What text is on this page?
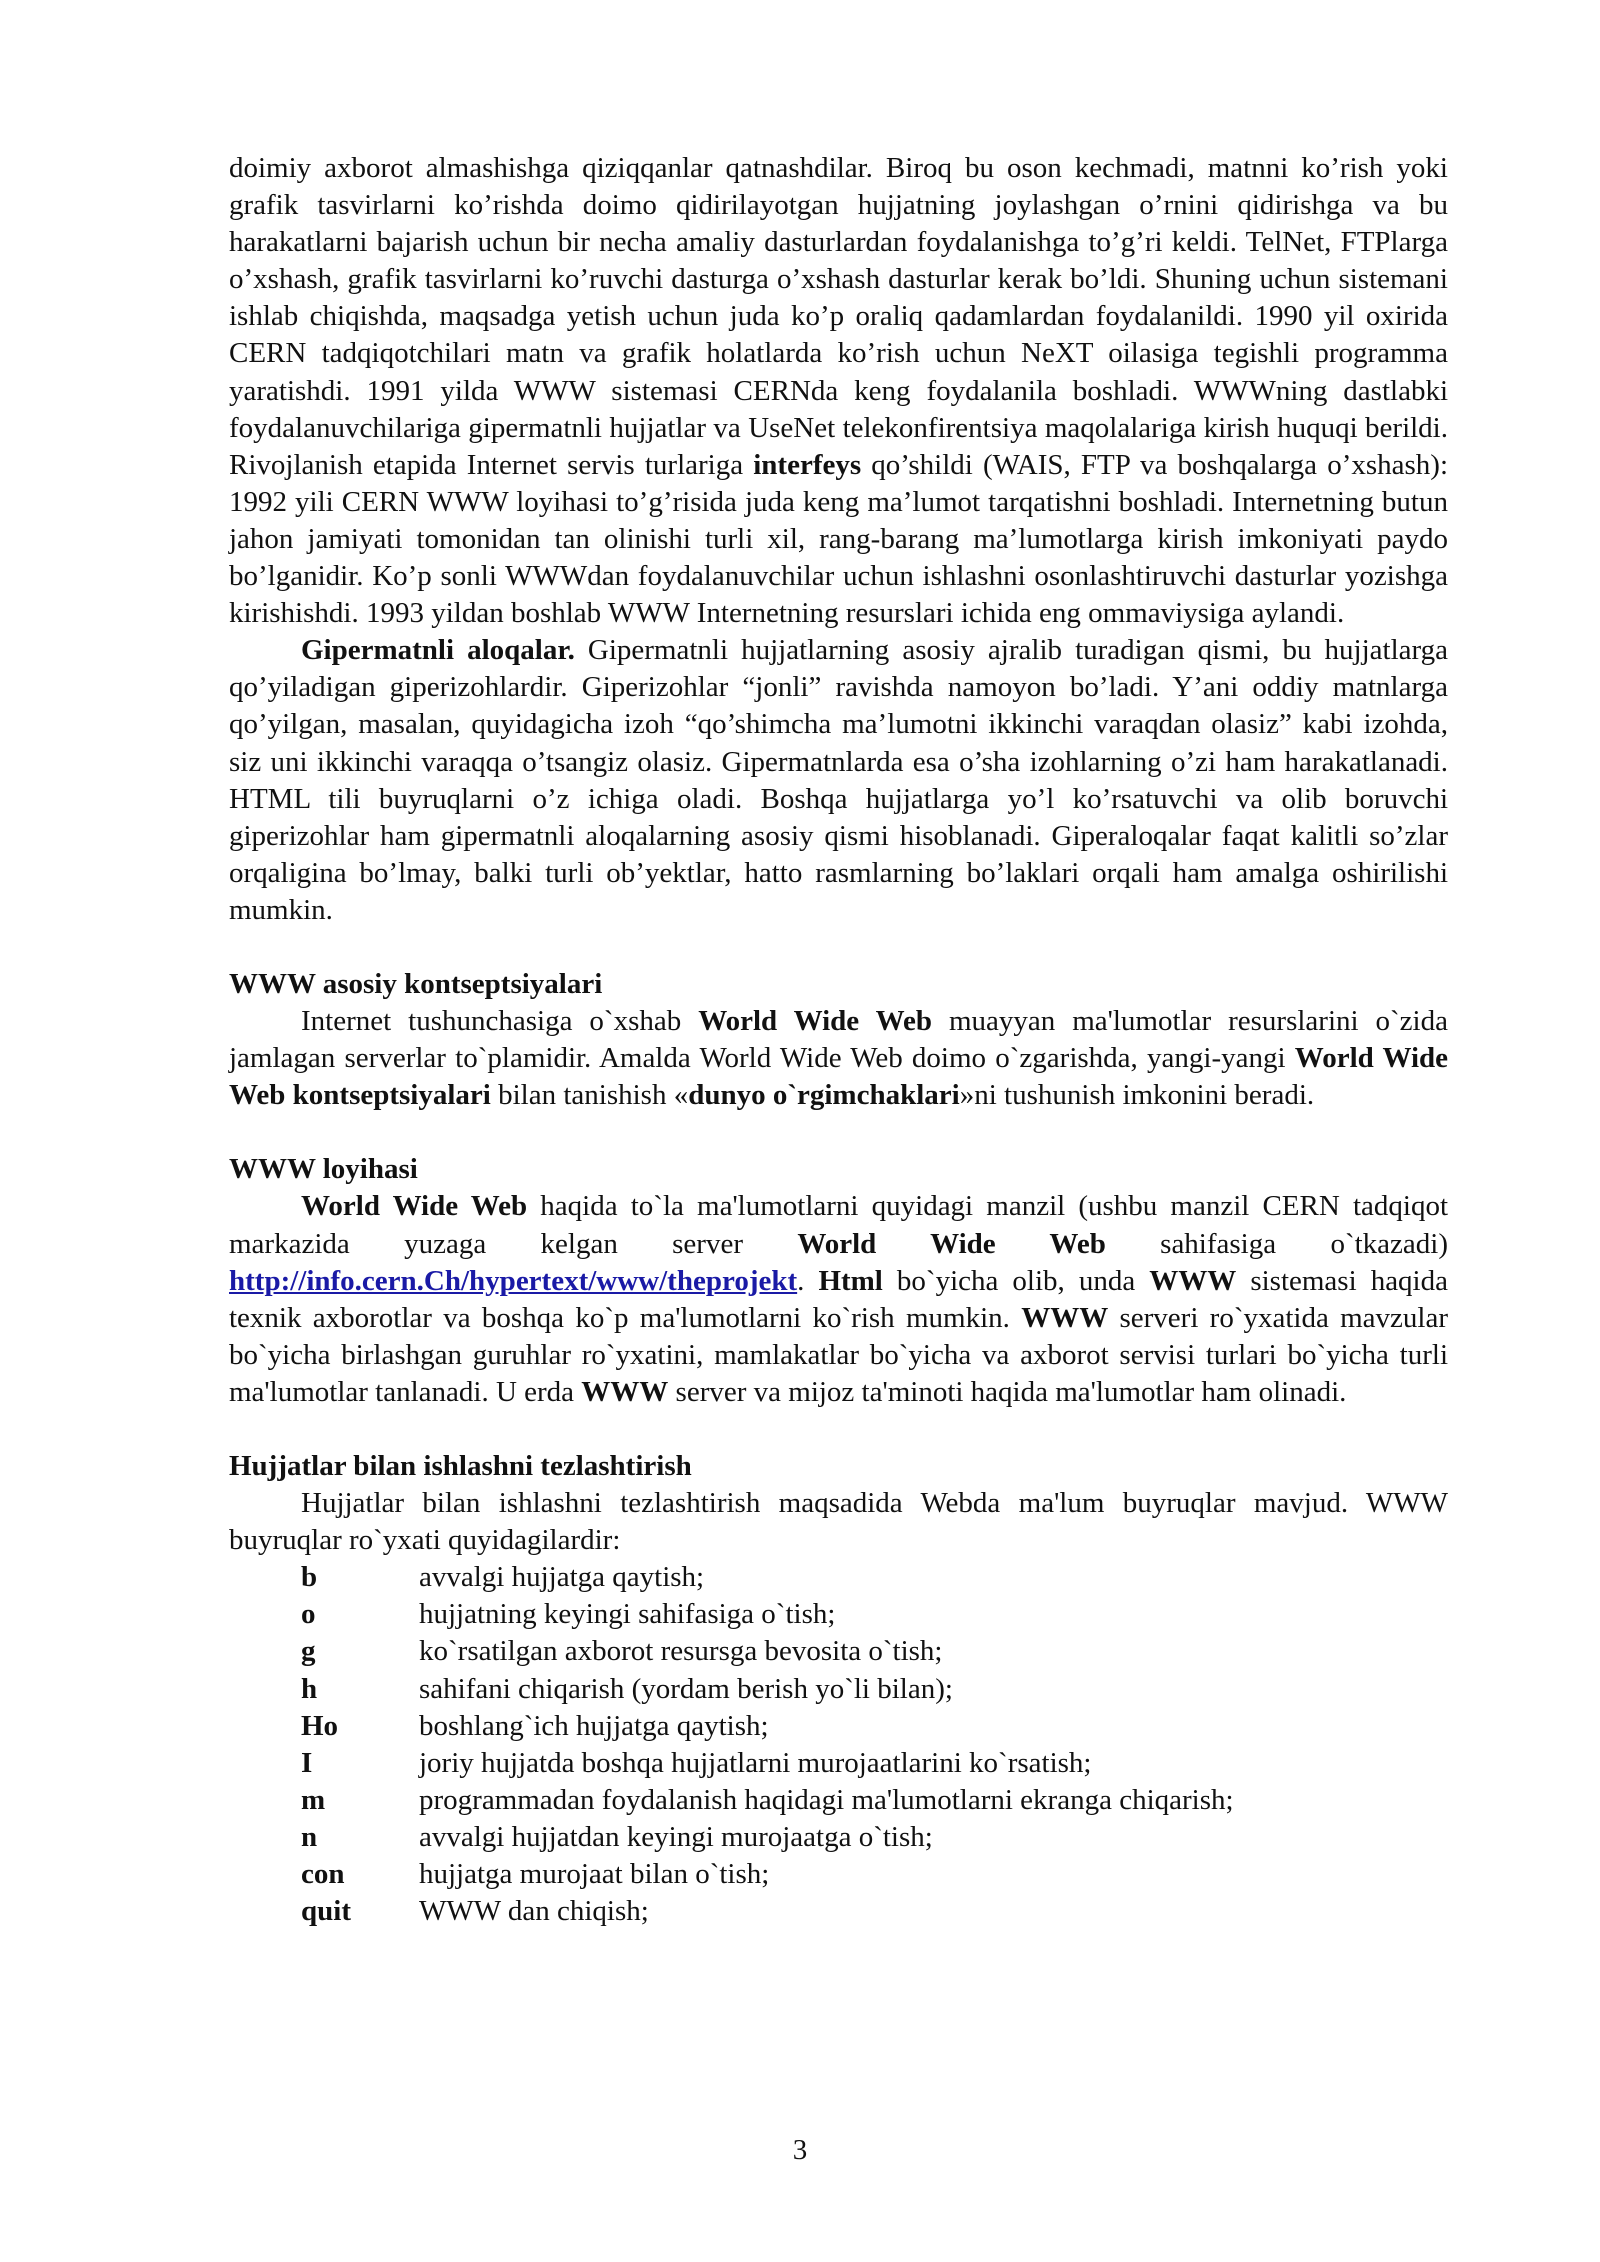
doimiy axborot almashishga qiziqqanlar qatnashdilar. Biroq bu oson kechmadi, matnni ko’rish yoki grafik tasvirlarni ko’rishda doimo qidirilayotgan hujjatning joylashgan o’rnini qidirishga va bu harakatlarni bajarish uchun bir necha amaliy dasturlardan foydalanishga to’g’ri keldi. TelNet, FTPlarga o’xshash, grafik tasvirlarni ko’ruvchi dasturga o’xshash dasturlar kerak bo’ldi. Shuning uchun sistemani ishlab chiqishda, maqsadga yetish uchun juda ko’p oraliq qadamlardan foydalanildi. 1990 yil oxirida CERN tadqiqotchilari matn va grafik holatlarda ko’rish uchun NeXT oilasiga tegishli programma yaratishdi. 1991 yilda WWW sistemasi CERNda keng foydalanila boshladi. WWWning dastlabki foydalanuvchilariga gipermatnli hujjatlar va UseNet telekonfirentsiya maqolalariga kirish huquqi berildi. Rivojlanish etapida Internet servis turlariga interfeys qo’shildi (WAIS, FTP va boshqalarga o’xshash): 1992 yili CERN WWW loyihasi to’g’risida juda keng ma’lumot tarqatishni boshladi. Internetning butun jahon jamiyati tomonidan tan olinishi turli xil, rang-barang ma’lumotlarga kirish imkoniyati paydo bo’lganidir. Ko’p sonli WWWdan foydalanuvchilar uchun ishlashni osonlashtiruvchi dasturlar yozishga kirishishdi. 1993 yildan boshlab WWW Internetning resurslari ichida eng ommaviysiga aylandi.

Gipermatnli aloqalar. Gipermatnli hujjatlarning asosiy ajralib turadigan qismi, bu hujjatlarga qo’yiladigan giperizohlardir. Giperizohlar “jonli” ravishda namoyon bo’ladi. Y’ani oddiy matnlarga qo’yilgan, masalan, quyidagicha izoh “qo’shimcha ma’lumotni ikkinchi varaqdan olasiz” kabi izohda, siz uni ikkinchi varaqqa o’tsangiz olasiz. Gipermatnlarda esa o’sha izohlarning o’zi ham harakatlanadi. HTML tili buyruqlarni o’z ichiga oladi. Boshqa hujjatlarga yo’l ko’rsatuvchi va olib boruvchi giperizohlar ham gipermatnli aloqalarning asosiy qismi hisoblanadi. Giperaloqalar faqat kalitli so’zlar orqaligina bo’lmay, balki turli ob’yektlar, hatto rasmlarning bo’laklari orqali ham amalga oshirilishi mumkin.

WWW asosiy kontseptsiyalari

Internet tushunchasiga o`xshab World Wide Web muayyan ma'lumotlar resurslarini o`zida jamlagan serverlar to`plamidir. Amalda World Wide Web doimo o`zgarishda, yangi-yangi World Wide Web kontseptsiyalari bilan tanishish «dunyo o`rgimchaklari»ni tushunish imkonini beradi.

WWW loyihasi

World Wide Web haqida to`la ma'lumotlarni quyidagi manzil (ushbu manzil CERN tadqiqot markazida yuzaga kelgan server World Wide Web sahifasiga o`tkazadi) http://info.cern.Ch/hypertext/www/theprojekt. Html bo`yicha olib, unda WWW sistemasi haqida texnik axborotlar va boshqa ko`p ma'lumotlarni ko`rish mumkin. WWW serveri ro`yxatida mavzular bo`yicha birlashgan guruhlar ro`yxatini, mamlakatlar bo`yicha va axborot servisi turlari bo`yicha turli ma'lumotlar tanlanadi. U erda WWW server va mijoz ta'minoti haqida ma'lumotlar ham olinadi.

Hujjatlar bilan ishlashni tezlashtirish

Hujjatlar bilan ishlashni tezlashtirish maqsadida Webda ma'lum buyruqlar mavjud. WWW buyruqlar ro`yxati quyidagilardir:

b	avvalgi hujjatga qaytish;
o	hujjatning keyingi sahifasiga o`tish;
g	ko`rsatilgan axborot resursga bevosita o`tish;
h	sahifani chiqarish (yordam berish yo`li bilan);
Ho	boshlang`ich hujjatga qaytish;
I	joriy hujjatda boshqa hujjatlarni murojaatlarini ko`rsatish;
m	programmadan foydalanish haqidagi ma'lumotlarni ekranga chiqarish;
n	avvalgi hujjatdan keyingi murojaatga o`tish;
con	hujjatga murojaat bilan o`tish;
quit	WWW dan chiqish;
3
